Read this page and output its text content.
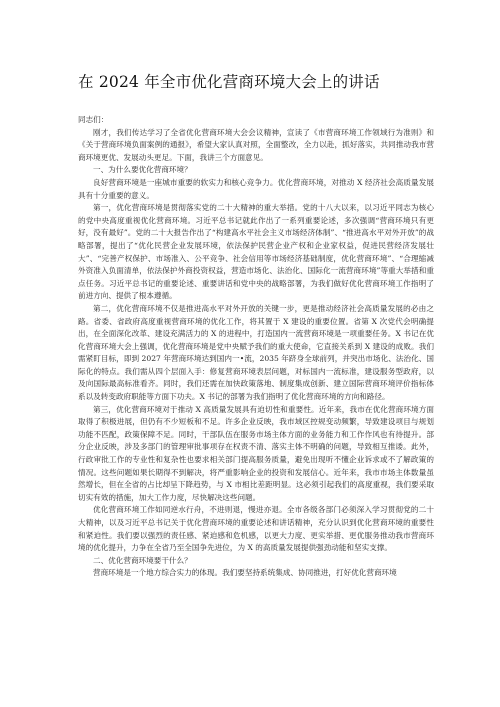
在 2024 年全市优化营商环境大会上的讲话

同志们：

刚才，我们传达学习了全省优化营商环境大会会议精神，宣读了《市营商环境工作领域行为准则》和《关于营商环境负面案例的通报》，希望大家认真对照，全面整改，全力以赴，抓好落实，共同推动我市营商环境更优、发展动头更足。下面，我讲三个方面意见。

一、为什么要优化营商环境？

良好营商环境是一座城市重要的软实力和核心竞争力。优化营商环境，对推动 X 经济社会高质量发展具有十分重要的意义。

第一，优化营商环境是贯彻落实党的二十大精神的重大举措。党的十八大以来，以习近平同志为核心的党中央高度重视优化营商环境。习近平总书记就此作出了一系列重要论述，多次强调“营商环境只有更好，没有最好”。党的二十大报告作出了“构建高水平社会主义市场经济体制”、“推进高水平对外开放”的战略部署，提出了“优化民营企业发展环境，依法保护民营企业产权和企业家权益，促进民营经济发展壮大”、“完善产权保护、市场准入、公平竞争、社会信用等市场经济基础制度，优化营商环境”、“合理缩减外资准入负面清单，依法保护外商投资权益，营造市场化、法治化、国际化一流营商环境”等重大举措和重点任务。习近平总书记的重要论述、重要讲话和党中央的战略部署，为我们做好优化营商环境工作指明了前进方向、提供了根本遵循。

第二，优化营商环境不仅是推进高水平对外开放的关键一步，更是推动经济社会高质量发展的必由之路。省委、省政府高度重视营商环境的优化工作，将其置于 X 建设的重要位置。省第 X 次党代会明确提出，在全面深化改革、建设充满活力的 X 的进程中，打造国内一流营商环境是一项重要任务。X 书记在优化营商环境大会上强调，优化营商环境是党中央赋予我们的重大使命，它直接关系到 X 建设的成败。我们需紧盯目标，即到 2027 年营商环境达到国内一•流，2035 年跻身全球前列，并突出市场化、法治化、国际化的特点。我们需从四个层面入手：修复营商环境表层问题，对标国内一流标准，建设服务型政府，以及向国际最高标准看齐。同时，我们还需在加快政策落地、制度集成创新、建立国际营商环境评价指标体系以及转变政府职能等方面下功夫。X 书记的部署为我们指明了优化营商环境的方向和路径。

第三，优化营商环境对于推动 X 高质量发展具有迫切性和重要性。近年来，我市在优化营商环境方面取得了积极进展，但仍有不少短板和不足。许多企业反映，我市域区控规变动频繁，导致建设项目与规划功能不匹配，政策保障不足。同时，干部队伍在服务市场主体方面的业务能力和工作作风也有待提升。部分企业反映，涉及多部门的管理审批事项存在权责不清、落实主体不明确的问题，导致相互推诿。此外，行政审批工作的专业性和复杂性也要求相关部门提高服务质量，避免出现听不懂企业诉求或不了解政策的情况。这些问题如果长期得不到解决，将严重影响企业的投资和发展信心。近年来，我市市场主体数量虽然增长，但在全省的占比却呈下降趋势，与 X 市相比差距明显。这必须引起我们的高度重视，我们要采取切实有效的措施，加大工作力度，尽快解决这些问题。

优化营商环境工作如同逆水行舟，不进则退，慢进亦退。全市各级各部门必须深入学习贯彻党的二十大精神，以及习近平总书记关于优化营商环境的重要论述和讲话精神，充分认识到优化营商环境的重要性和紧迫性。我们要以强烈的责任感、紧迫感和危机感，以更大力度、更实举措、更优服务推动我市营商环境的优化提升，力争在全省乃至全国争先进位，为 X 的高质量发展提供强劲动能和坚实支撑。

二、优化营商环境要干什么？

营商环境是一个地方综合实力的体现。我们要坚持系统集成、协同推进，打好优化营商环境
